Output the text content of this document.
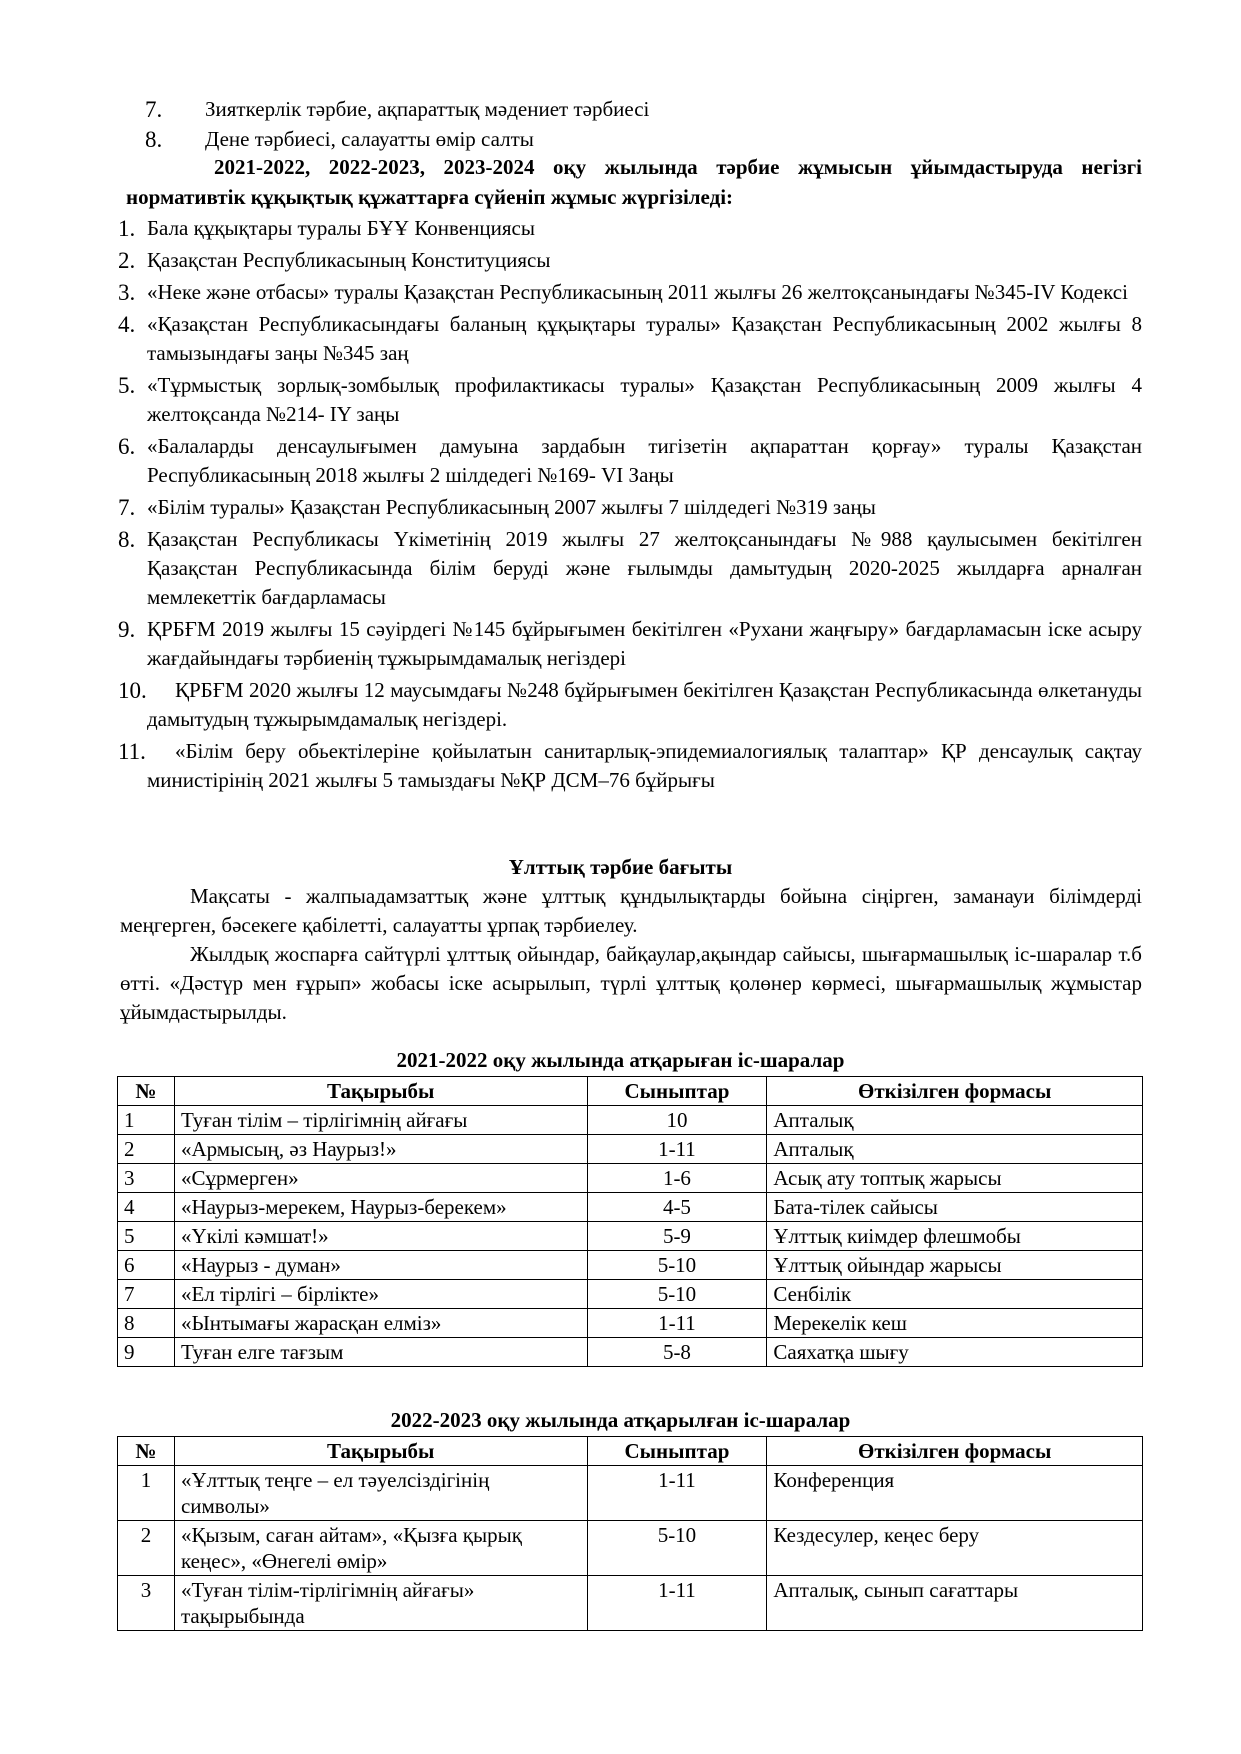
7.	Зияткерлік тәрбие, ақпараттық мәдениет тәрбиесі
8.	Дене тәрбиесі, салауатты өмір салты
2021-2022, 2022-2023, 2023-2024 оқу жылында тәрбие жұмысын ұйымдастыруда негізгі нормативтік құқықтық құжаттарға сүйеніп жұмыс жүргізіледі:
1. Бала құқықтары туралы БҰҰ Конвенциясы
2. Қазақстан Республикасының Конституциясы
3. «Неке және отбасы» туралы Қазақстан Республикасының 2011 жылғы 26 желтоқсанындағы №345-IV Кодексі
4. «Қазақстан Республикасындағы баланың құқықтары туралы» Қазақстан Республикасының 2002 жылғы 8 тамызындағы заңы №345 заң
5. «Тұрмыстық зорлық-зомбылық профилактикасы туралы» Қазақстан Республикасының 2009 жылғы 4 желтоқсанда №214- IY заңы
6. «Балаларды денсаулығымен дамуына зардабын тигізетін ақпараттан қорғау» туралы Қазақстан Республикасының 2018 жылғы 2 шілдедегі №169- VI Заңы
7. «Білім туралы» Қазақстан Республикасының 2007 жылғы 7 шілдедегі №319 заңы
8. Қазақстан Республикасы Үкіметінің 2019 жылғы 27 желтоқсанындағы №988 қаулысымен бекітілген Қазақстан Республикасында білім беруді және ғылымды дамытудың 2020-2025 жылдарға арналған мемлекеттік бағдарламасы
9. ҚРБҒМ 2019 жылғы 15 сәуірдегі №145 бұйрығымен бекітілген «Рухани жаңғыру» бағдарламасын іске асыру жағдайындағы тәрбиенің тұжырымдамалық негіздері
10.	ҚРБҒМ 2020 жылғы 12 маусымдағы №248 бұйрығымен бекітілген Қазақстан Республикасында өлкетануды дамытудың тұжырымдамалық негіздері.
11.	«Білім беру обьектілеріне қойылатын санитарлық-эпидемиалогиялық талаптар» ҚР денсаулық сақтау министірінің 2021 жылғы 5 тамыздағы №ҚР ДСМ–76 бұйрығы
Ұлттық тәрбие бағыты
Мақсаты - жалпыадамзаттық және ұлттық құндылықтарды бойына сіңірген, заманауи білімдерді меңгерген, бәсекеге қабілетті, салауатты ұрпақ тәрбиелеу.
Жылдық жоспарға сайтүрлі ұлттық ойындар, байқаулар,ақындар сайысы, шығармашылық іс-шаралар т.б өтті. «Дәстүр мен ғұрып» жобасы іске асырылып, түрлі ұлттық қолөнер көрмесі, шығармашылық жұмыстар ұйымдастырылды.
2021-2022 оқу жылында атқарыған іс-шаралар
№	Тақырыбы	Сыныптар	Өткізілген формасы
1	Туған тілім – тірлігімнің айғағы	10	Апталық
2	«Армысың, әз Наурыз!»	1-11	Апталық
3	«Сұрмерген»	1-6	Асық ату топтық жарысы
4	«Наурыз-мерекем, Наурыз-берекем»	4-5	Бата-тілек сайысы
5	«Үкілі кәмшат!»	5-9	Ұлттық киімдер флешмобы
6	«Наурыз - думан»	5-10	Ұлттық ойындар жарысы
7	«Ел тірлігі – бірлікте»	5-10	Сенбілік
8	«Ынтымағы жарасқан елміз»	1-11	Мерекелік кеш
9	Туған елге тағзым	5-8	Саяхатқа шығу
2022-2023 оқу жылында атқарылған іс-шаралар
№	Тақырыбы	Сыныптар	Өткізілген формасы
1	«Ұлттық теңге – ел тәуелсіздігінің символы»	1-11	Конференция
2	«Қызым, саған айтам», «Қызға қырық кеңес», «Өнегелі өмір»	5-10	Кездесулер, кеңес беру
3	«Туған тілім-тірлігімнің айғағы» тақырыбында	1-11	Апталық, сынып сағаттары
